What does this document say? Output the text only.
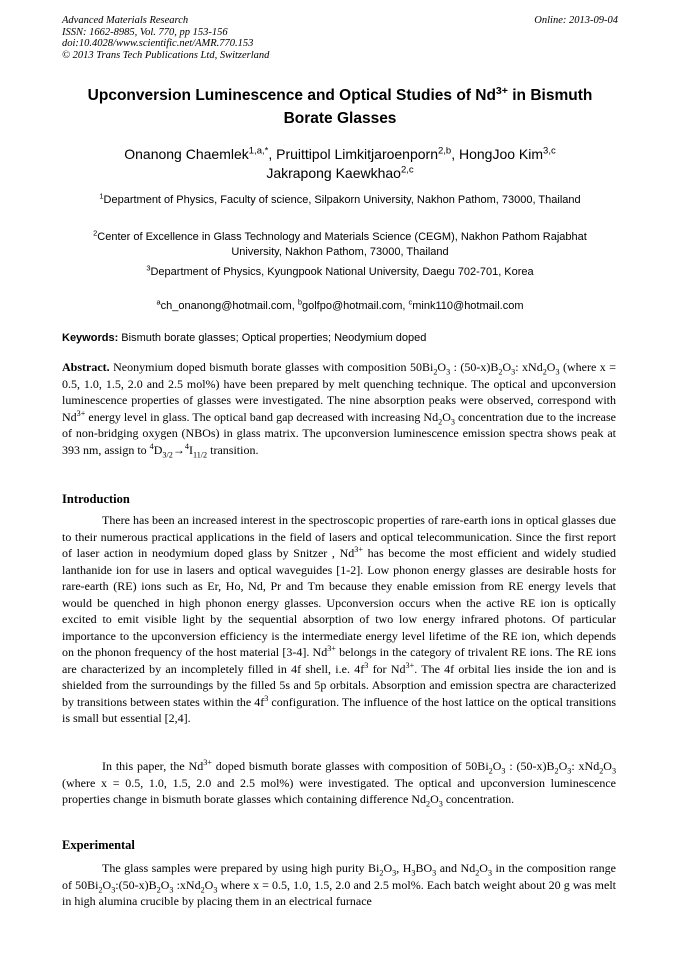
Advanced Materials Research
ISSN: 1662-8985, Vol. 770, pp 153-156
doi:10.4028/www.scientific.net/AMR.770.153
© 2013 Trans Tech Publications Ltd, Switzerland
Online: 2013-09-04
Upconversion Luminescence and Optical Studies of $Nd^{3+}$ in Bismuth Borate Glasses
Onanong Chaemlek$^{1,a,*}$, Pruittipol Limkitjaroenporn$^{2,b}$, HongJoo Kim$^{3,c}$
Jakrapong Kaewkhao$^{2,c}$
$^1$Department of Physics, Faculty of science, Silpakorn University, Nakhon Pathom, 73000, Thailand
$^2$Center of Excellence in Glass Technology and Materials Science (CEGM), Nakhon Pathom Rajabhat University, Nakhon Pathom, 73000, Thailand
$^3$Department of Physics, Kyungpook National University, Daegu 702-701, Korea
$^a$ch_onanong@hotmail.com, $^b$golfpo@hotmail.com, $^c$mink110@hotmail.com
Keywords: Bismuth borate glasses; Optical properties; Neodymium doped
Abstract. Neonymium doped bismuth borate glasses with composition $50Bi_2O_3$ : $(50-x)B_2O_3$: $xNd_2O_3$ (where x = 0.5, 1.0, 1.5, 2.0 and 2.5 mol%) have been prepared by melt quenching technique. The optical and upconversion luminescence properties of glasses were investigated. The nine absorption peaks were observed, correspond with $Nd^{3+}$ energy level in glass. The optical band gap decreased with increasing $Nd_2O_3$ concentration due to the increase of non-bridging oxygen (NBOs) in glass matrix. The upconversion luminescence emission spectra shows peak at 393 nm, assign to $^4D_{3/2}\to^4I_{11/2}$ transition.
Introduction
There has been an increased interest in the spectroscopic properties of rare-earth ions in optical glasses due to their numerous practical applications in the field of lasers and optical telecommunication. Since the first report of laser action in neodymium doped glass by Snitzer , $Nd^{3+}$ has become the most efficient and widely studied lanthanide ion for use in lasers and optical waveguides [1-2]. Low phonon energy glasses are desirable hosts for rare-earth (RE) ions such as Er, Ho, Nd, Pr and Tm because they enable emission from RE energy levels that would be quenched in high phonon energy glasses. Upconversion occurs when the active RE ion is optically excited to emit visible light by the sequential absorption of two low energy infrared photons. Of particular importance to the upconversion efficiency is the intermediate energy level lifetime of the RE ion, which depends on the phonon frequency of the host material [3-4]. $Nd^{3+}$ belongs in the category of trivalent RE ions. The RE ions are characterized by an incompletely filled in 4f shell, i.e. $4f^3$ for $Nd^{3+}$. The 4f orbital lies inside the ion and is shielded from the surroundings by the filled 5s and 5p orbitals. Absorption and emission spectra are characterized by transitions between states within the $4f^3$ configuration. The influence of the host lattice on the optical transitions is small but essential [2,4].
In this paper, the $Nd^{3+}$ doped bismuth borate glasses with composition of $50Bi_2O_3$ : $(50-x)B_2O_3$: $xNd_2O_3$ (where x = 0.5, 1.0, 1.5, 2.0 and 2.5 mol%) were investigated. The optical and upconversion luminescence properties change in bismuth borate glasses which containing difference $Nd_2O_3$ concentration.
Experimental
The glass samples were prepared by using high purity $Bi_2O_3$, $H_3BO_3$ and $Nd_2O_3$ in the composition range of $50Bi_2O_3:(50-x)B_2O_3$ $:xNd_2O_3$ where x = 0.5, 1.0, 1.5, 2.0 and 2.5 mol%. Each batch weight about 20 g was melt in high alumina crucible by placing them in an electrical furnace
